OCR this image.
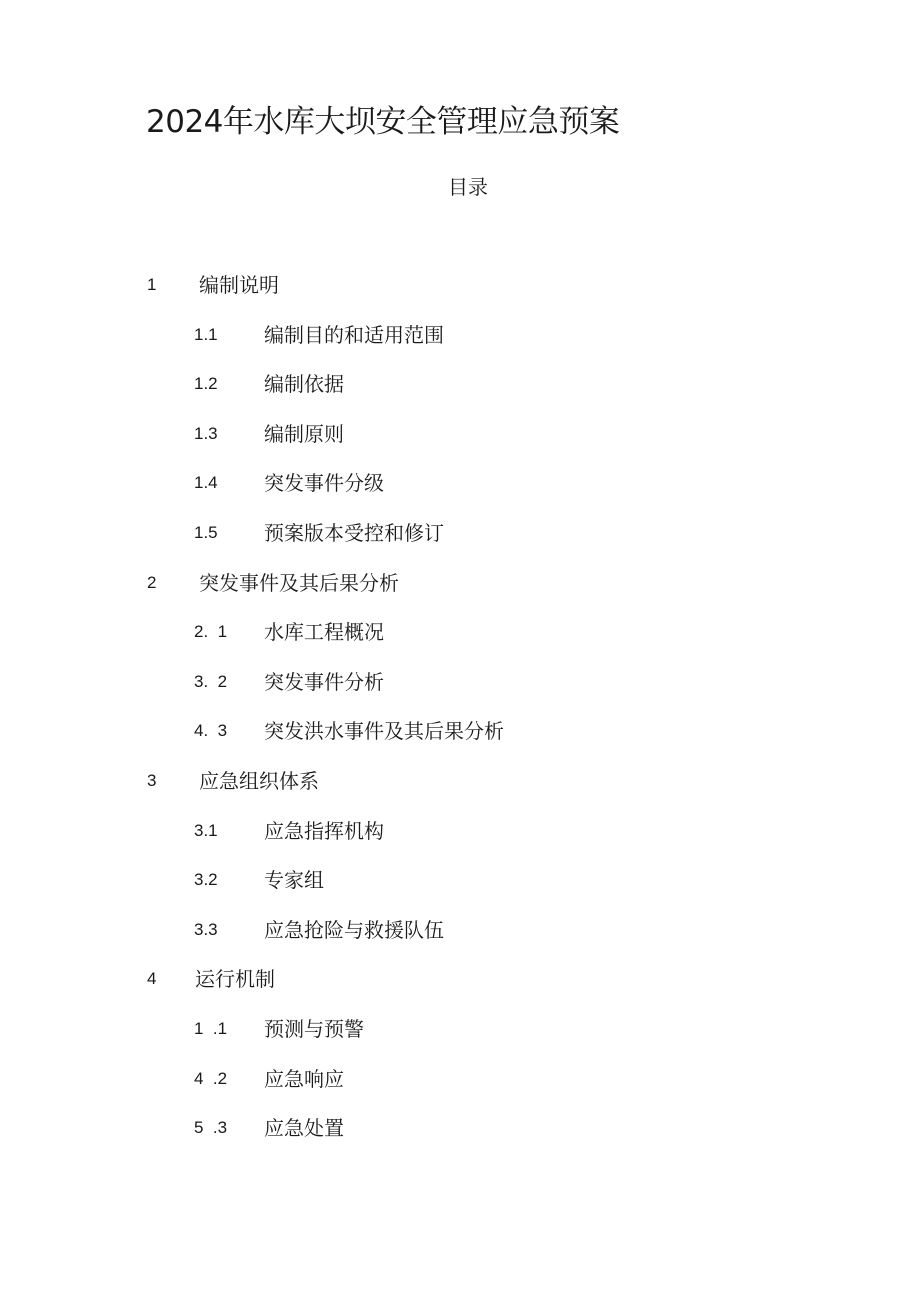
2024年水库大坝安全管理应急预案
目录
1 编制说明
1.1 编制目的和适用范围
1.2 编制依据
1.3 编制原则
1.4 突发事件分级
1.5 预案版本受控和修订
2 突发事件及其后果分析
2.  1 水库工程概况
3.  2 突发事件分析
4.  3 突发洪水事件及其后果分析
3 应急组织体系
3.1 应急指挥机构
3.2 专家组
3.3 应急抢险与救援队伍
4 运行机制
1  .1 预测与预警
4  .2 应急响应
5  .3 应急处置
